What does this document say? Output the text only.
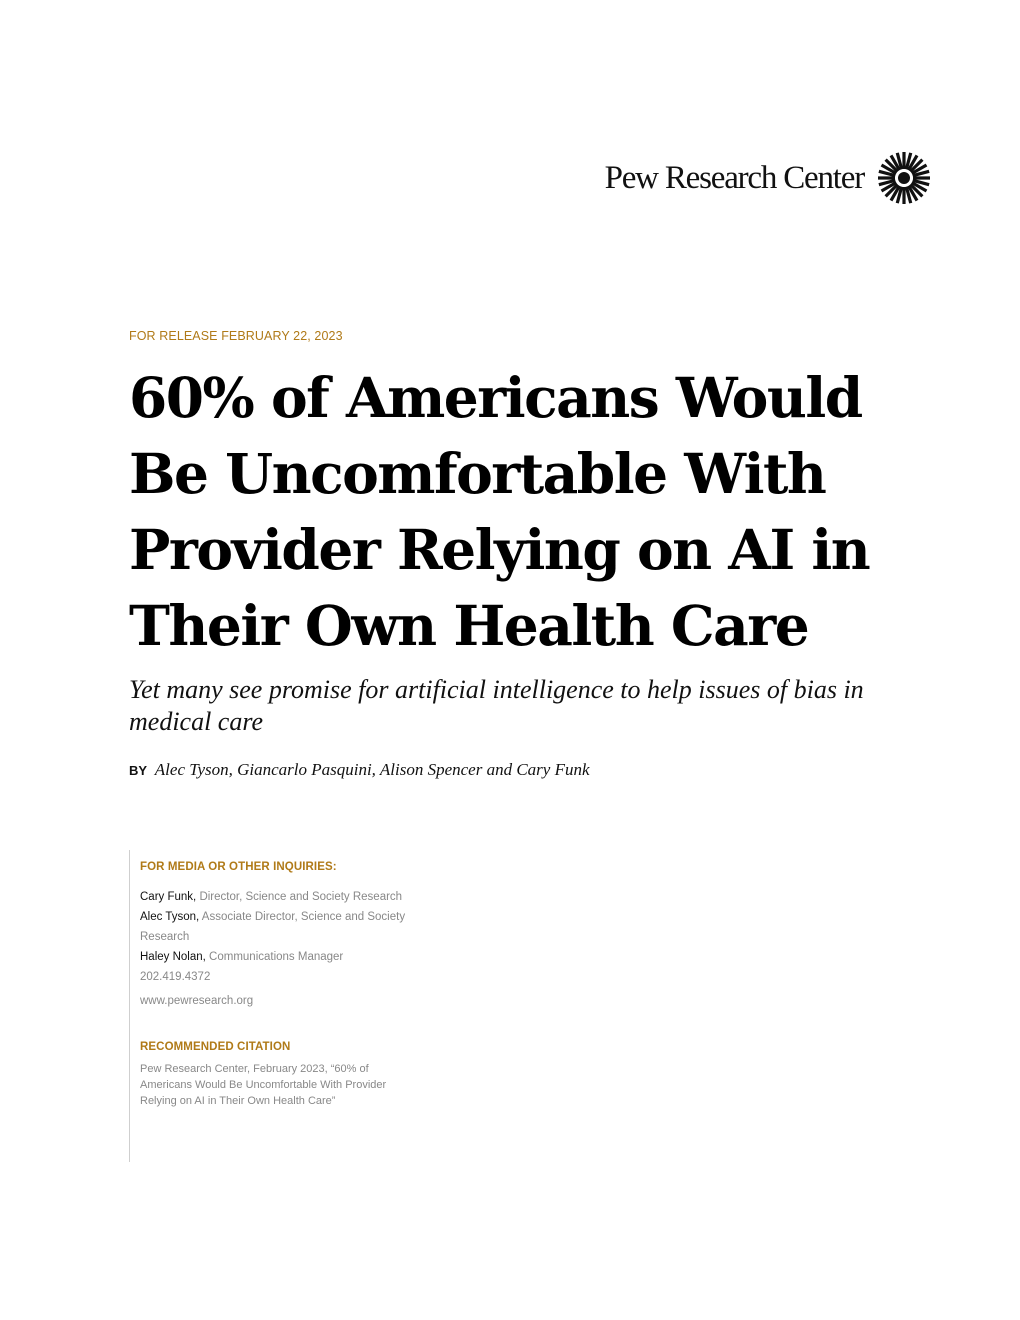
Pew Research Center
FOR RELEASE FEBRUARY 22, 2023
60% of Americans Would Be Uncomfortable With Provider Relying on AI in Their Own Health Care

Yet many see promise for artificial intelligence to help issues of bias in medical care

BY Alec Tyson, Giancarlo Pasquini, Alison Spencer and Cary Funk
FOR MEDIA OR OTHER INQUIRIES:
Cary Funk, Director, Science and Society Research
Alec Tyson, Associate Director, Science and Society Research
Haley Nolan, Communications Manager
202.419.4372
www.pewresearch.org
RECOMMENDED CITATION
Pew Research Center, February 2023, “60% of Americans Would Be Uncomfortable With Provider Relying on AI in Their Own Health Care”
